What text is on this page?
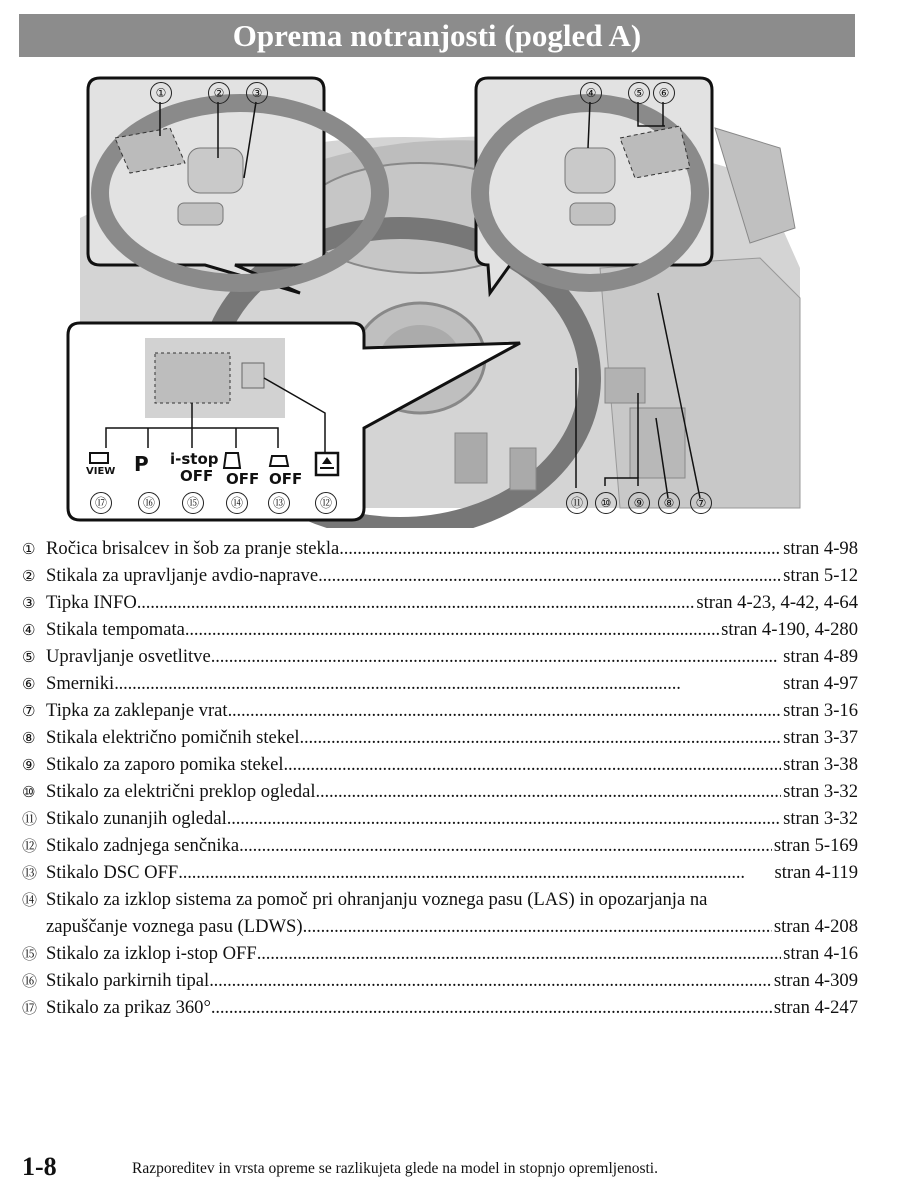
Oprema notranjosti (pogled A)
①	②	③	④	⑤	⑥
⑰	⑯	⑮	⑭	⑬	⑫	⑪	⑩	⑨	⑧	⑦
VIEW P i-stop
OFF OFF OFF
① Ročica brisalcev in šob za pranje stekla . . .	stran 4-98
② Stikala za upravljanje avdio-naprave . . .	stran 5-12
③ Tipka INFO . . .	stran 4-23, 4-42, 4-64
④ Stikala tempomata . . .	stran 4-190, 4-280
⑤ Upravljanje osvetlitve . . .	stran 4-89
⑥ Smerniki . . .	stran 4-97
⑦ Tipka za zaklepanje vrat . . .	stran 3-16
⑧ Stikala električno pomičnih stekel . . .	stran 3-37
⑨ Stikalo za zaporo pomika stekel . . .	stran 3-38
⑩ Stikalo za električni preklop ogledal . . .	stran 3-32
⑪ Stikalo zunanjih ogledal . . .	stran 3-32
⑫ Stikalo zadnjega senčnika . . .	stran 5-169
⑬ Stikalo DSC OFF . . .	stran 4-119
⑭ Stikalo za izklop sistema za pomoč pri ohranjanju voznega pasu (LAS) in opozarjanja na
zapuščanje voznega pasu (LDWS) . . .	stran 4-208
⑮ Stikalo za izklop i-stop OFF . . .	stran 4-16
⑯ Stikalo parkirnih tipal . . .	stran 4-309
⑰ Stikalo za prikaz 360° . . .	stran 4-247
1-8	Razporeditev in vrsta opreme se razlikujeta glede na model in stopnjo opremljenosti.
